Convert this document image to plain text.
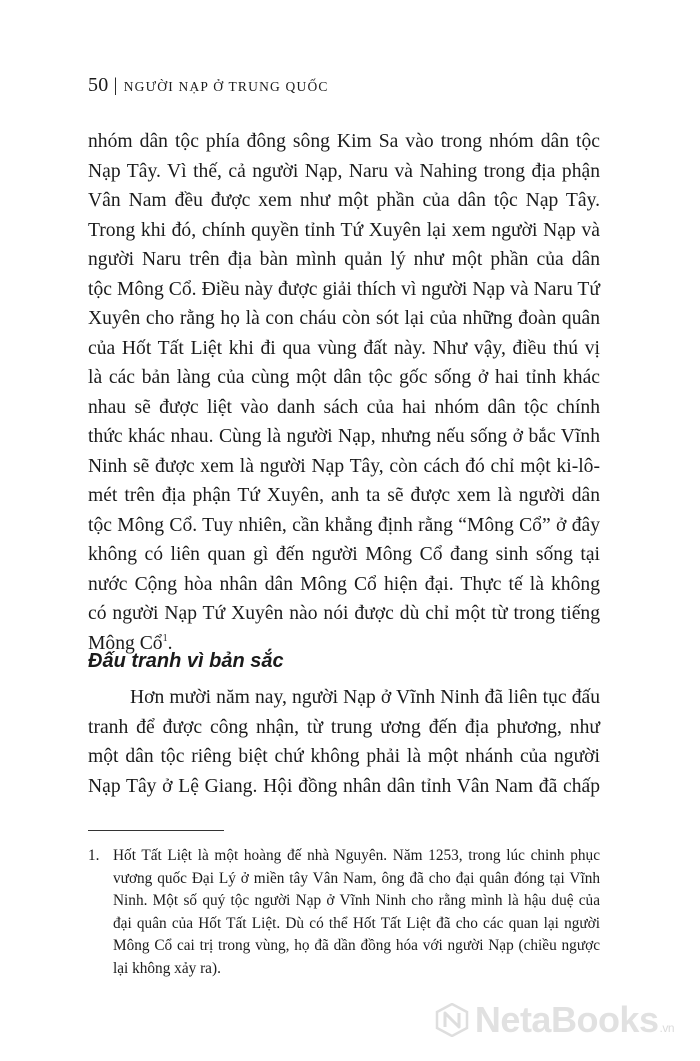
50 | NGƯỜI NẠP Ở TRUNG QUỐC
nhóm dân tộc phía đông sông Kim Sa vào trong nhóm dân tộc
Nạp Tây. Vì thế, cả người Nạp, Naru và Nahing trong địa phận
Vân Nam đều được xem như một phần của dân tộc Nạp Tây.
Trong khi đó, chính quyền tỉnh Tứ Xuyên lại xem người Nạp và
người Naru trên địa bàn mình quản lý như một phần của dân
tộc Mông Cổ. Điều này được giải thích vì người Nạp và Naru Tứ
Xuyên cho rằng họ là con cháu còn sót lại của những đoàn quân
của Hốt Tất Liệt khi đi qua vùng đất này. Như vậy, điều thú vị
là các bản làng của cùng một dân tộc gốc sống ở hai tỉnh khác
nhau sẽ được liệt vào danh sách của hai nhóm dân tộc chính
thức khác nhau. Cùng là người Nạp, nhưng nếu sống ở bắc Vĩnh
Ninh sẽ được xem là người Nạp Tây, còn cách đó chỉ một ki-lô-
mét trên địa phận Tứ Xuyên, anh ta sẽ được xem là người dân
tộc Mông Cổ. Tuy nhiên, cần khẳng định rằng “Mông Cổ” ở đây
không có liên quan gì đến người Mông Cổ đang sinh sống tại
nước Cộng hòa nhân dân Mông Cổ hiện đại. Thực tế là không
có người Nạp Tứ Xuyên nào nói được dù chỉ một từ trong tiếng
Mông Cổ$^1$.
Đấu tranh vì bản sắc
Hơn mười năm nay, người Nạp ở Vĩnh Ninh đã liên tục đấu
tranh để được công nhận, từ trung ương đến địa phương, như
một dân tộc riêng biệt chứ không phải là một nhánh của người
Nạp Tây ở Lệ Giang. Hội đồng nhân dân tỉnh Vân Nam đã chấp
1. Hốt Tất Liệt là một hoàng đế nhà Nguyên. Năm 1253, trong lúc chinh phục
vương quốc Đại Lý ở miền tây Vân Nam, ông đã cho đại quân đóng tại Vĩnh
Ninh. Một số quý tộc người Nạp ở Vĩnh Ninh cho rằng mình là hậu duệ của
đại quân của Hốt Tất Liệt. Dù có thể Hốt Tất Liệt đã cho các quan lại người
Mông Cổ cai trị trong vùng, họ đã dần đồng hóa với người Nạp (chiều ngược
lại không xảy ra).
NetaBooks.vn
